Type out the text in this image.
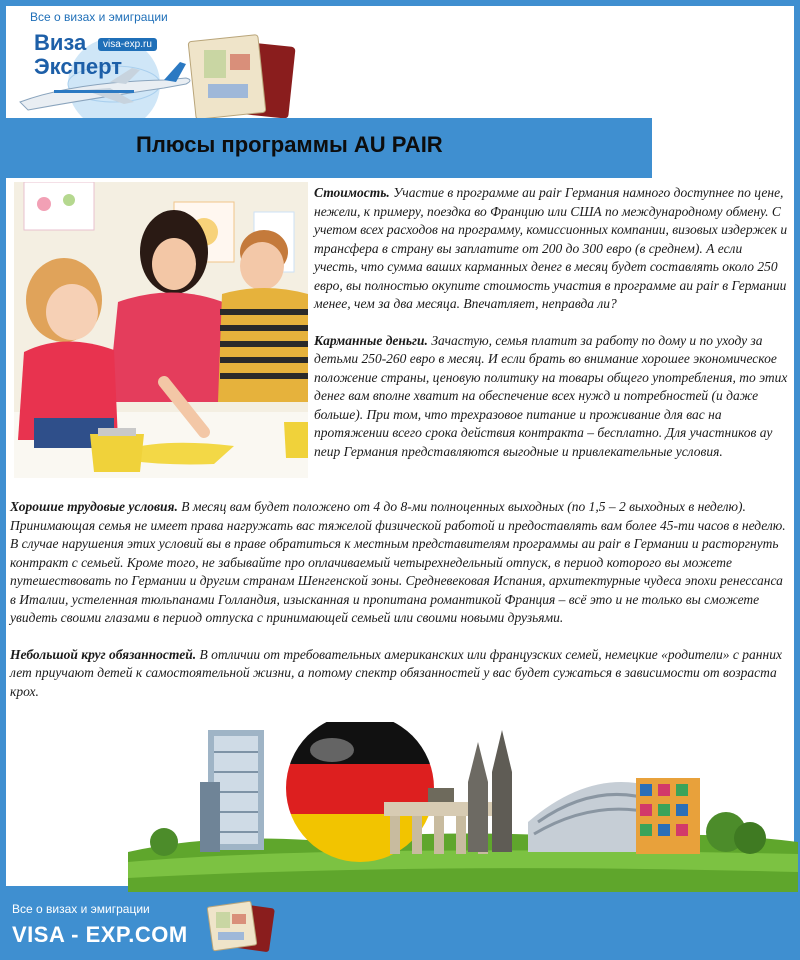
Все о визах и эмиграции
Виза	visa-exp.ru
Эксперт
Плюсы программы AU PAIR

Стоимость. Участие в программе au pair Германия намного доступнее по цене, нежели, к примеру, поездка во Францию или США по международному обмену. С учетом всех расходов на программу, комиссионных компании, визовых издержек и трансфера в страну вы заплатите от 200 до 300 евро (в среднем). А если учесть, что сумма ваших карманных денег в месяц будет составлять около 250 евро, вы полностью окупите стоимость участия в программе au pair в Германии менее, чем за два месяца. Впечатляет, неправда ли?

Карманные деньги. Зачастую, семья платит за работу по дому и по уходу за детьми 250-260 евро в месяц. И если брать во внимание хорошее экономическое положение страны, ценовую политику на товары общего употребления, то этих денег вам вполне хватит на обеспечение всех нужд и потребностей (и даже больше). При том, что трехразовое питание и проживание для вас на протяжении всего срока действия контракта – бесплатно. Для участников ау пеир Германия представляются выгодные и привлекательные условия.

Хорошие трудовые условия. В месяц вам будет положено от 4 до 8-ми полноценных выходных (по 1,5 – 2 выходных в неделю). Принимающая семья не имеет права нагружать вас тяжелой физической работой и предоставлять вам более 45-ти часов в неделю. В случае нарушения этих условий вы в праве обратиться к местным представителям программы au pair в Германии и расторгнуть контракт с семьей. Кроме того, не забывайте про оплачиваемый четырехнедельный отпуск, в период которого вы можете путешествовать по Германии и другим странам Шенгенской зоны. Средневековая Испания, архитектурные чудеса эпохи ренессанса в Италии, устеленная тюльпанами Голландия, изысканная и пропитана романтикой Франция – всё это и не только вы сможете увидеть своими глазами в период отпуска с принимающей семьей или своими новыми друзьями.

Небольшой круг обязанностей. В отличии от требовательных американских или французских семей, немецкие «родители» с ранних лет приучают детей к самостоятельной жизни, а потому спектр обязанностей у вас будет сужаться в зависимости от возраста крох.

Все о визах и эмиграции
VISA - EXP.COM
